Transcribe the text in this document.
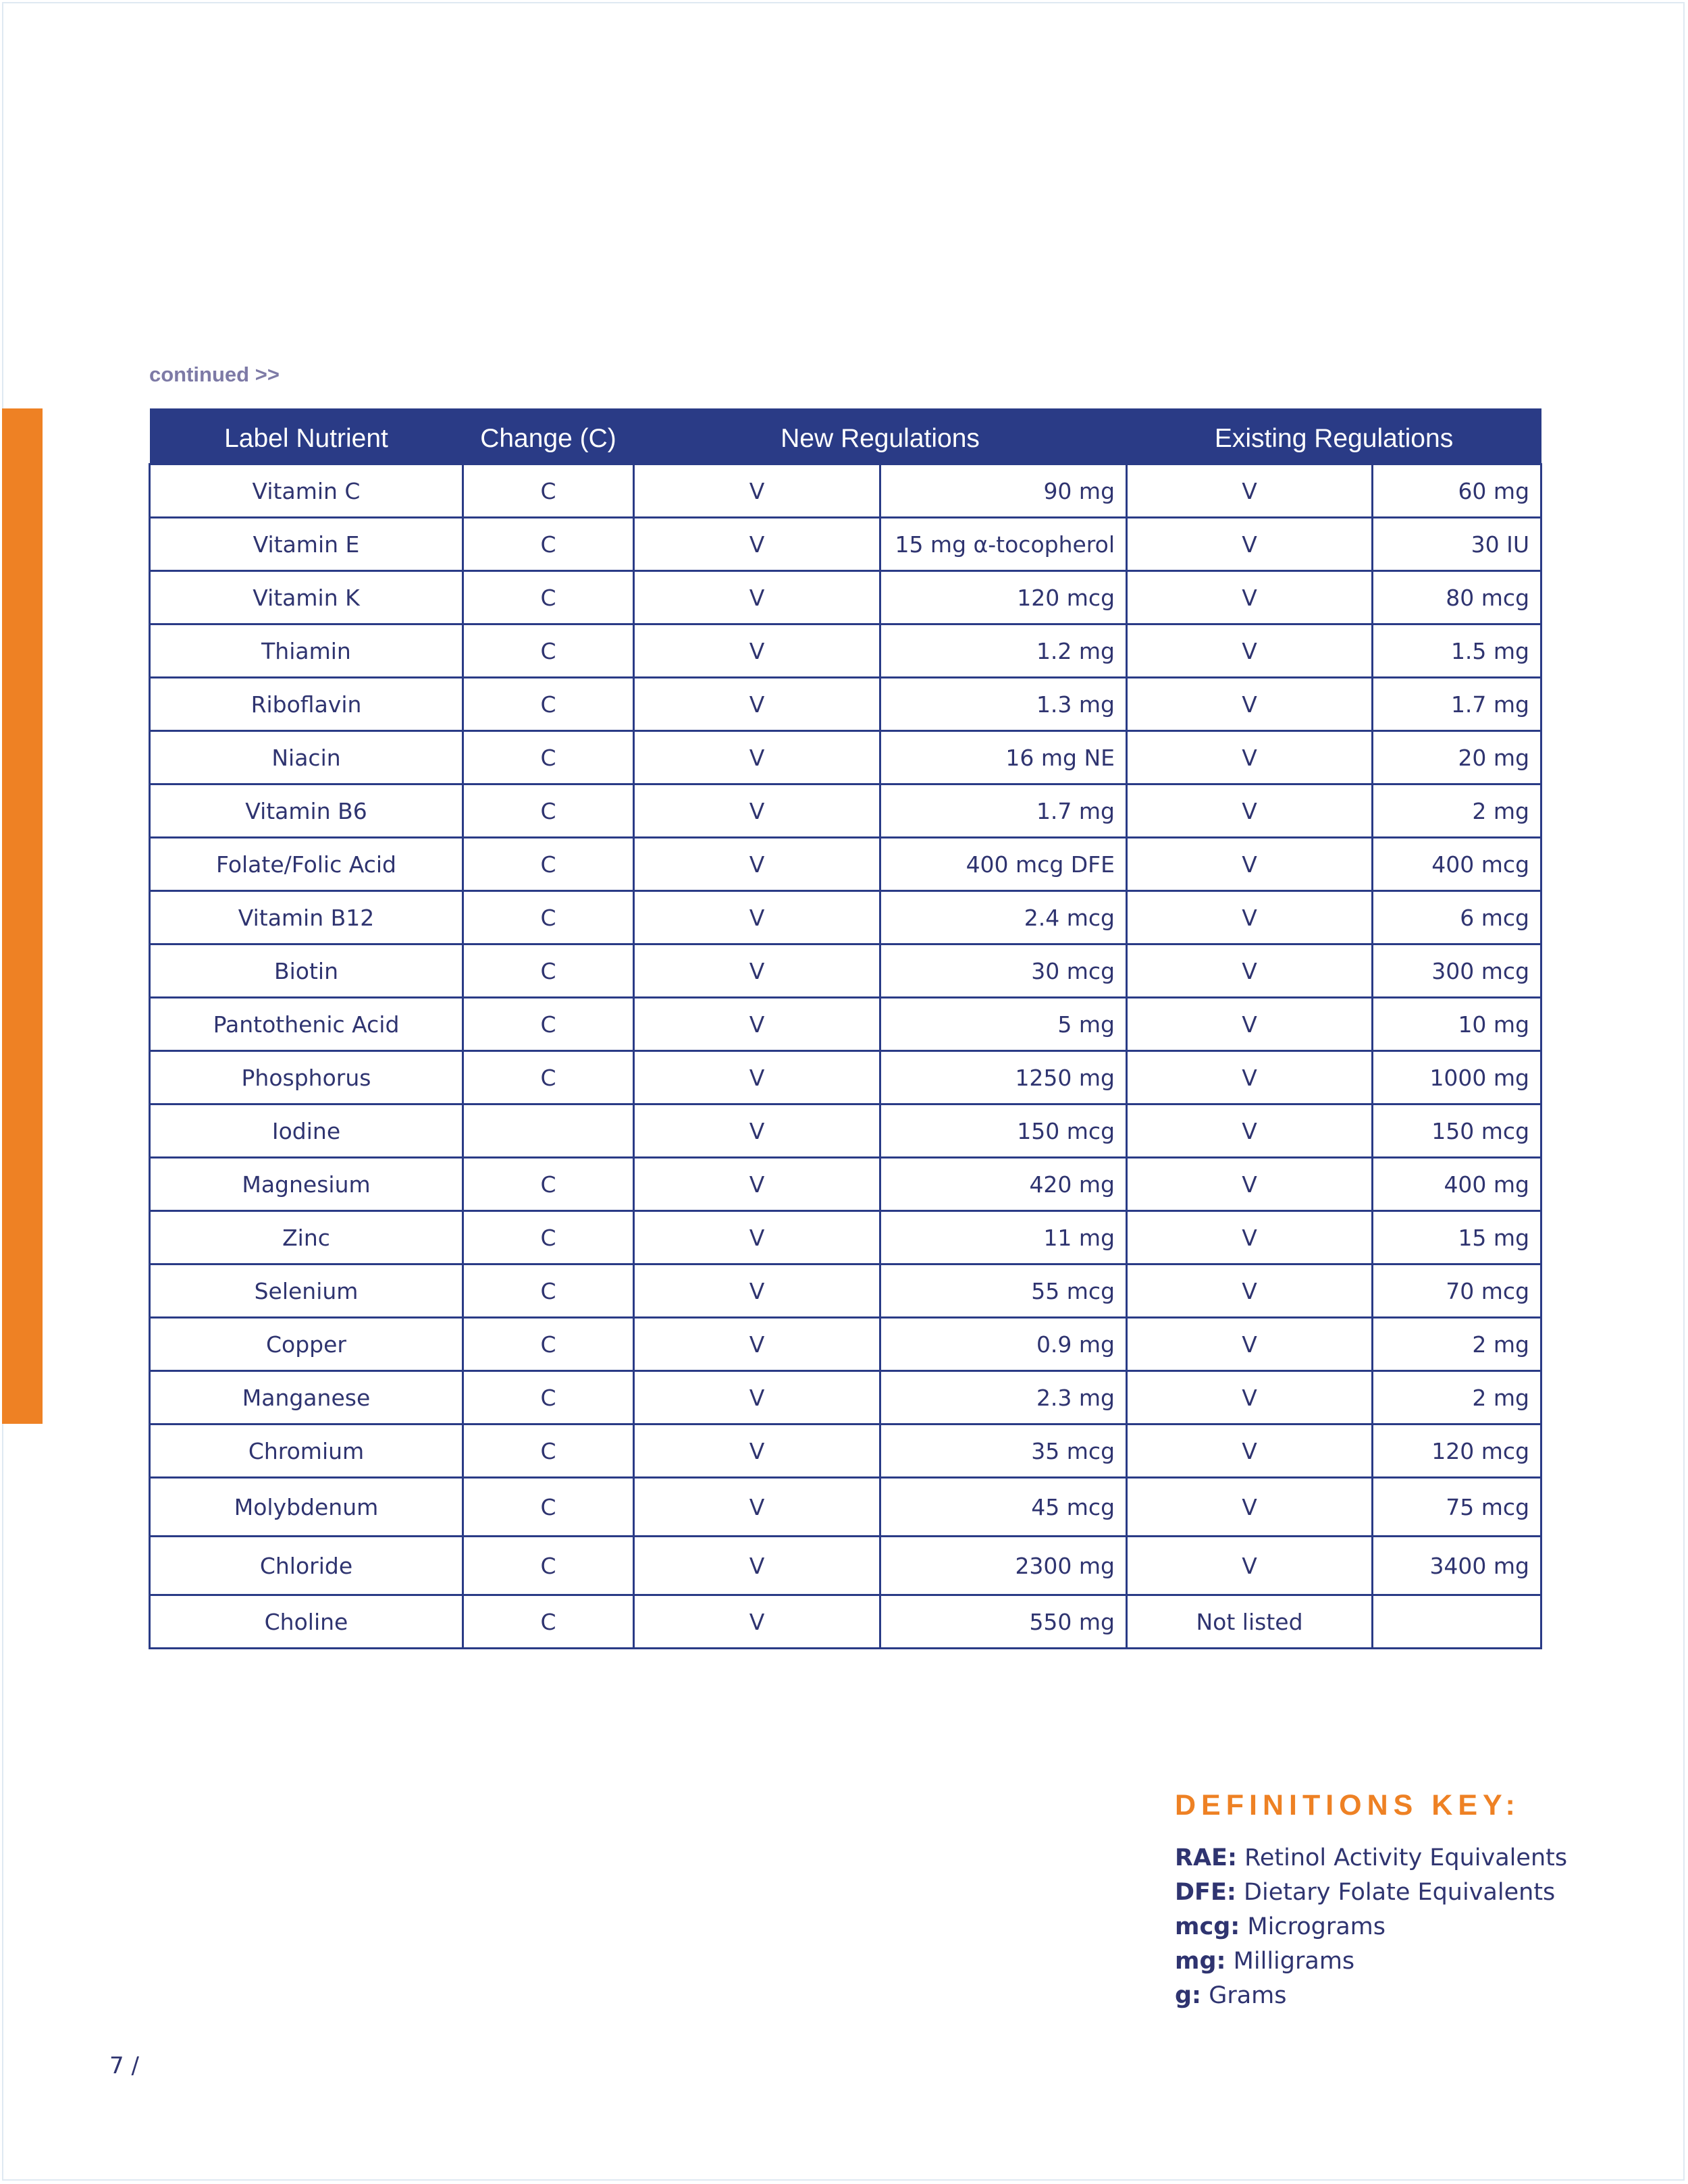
continued >>
Label Nutrient	Change (C)	New Regulations		Existing Regulations	
Vitamin C	C	V	90 mg	V	60 mg
Vitamin E	C	V	15 mg α-tocopherol	V	30 IU
Vitamin K	C	V	120 mcg	V	80 mcg
Thiamin	C	V	1.2 mg	V	1.5 mg
Riboflavin	C	V	1.3 mg	V	1.7 mg
Niacin	C	V	16 mg NE	V	20 mg
Vitamin B6	C	V	1.7 mg	V	2 mg
Folate/Folic Acid	C	V	400 mcg DFE	V	400 mcg
Vitamin B12	C	V	2.4 mcg	V	6 mcg
Biotin	C	V	30 mcg	V	300 mcg
Pantothenic Acid	C	V	5 mg	V	10 mg
Phosphorus	C	V	1250 mg	V	1000 mg
Iodine		V	150 mcg	V	150 mcg
Magnesium	C	V	420 mg	V	400 mg
Zinc	C	V	11 mg	V	15 mg
Selenium	C	V	55 mcg	V	70 mcg
Copper	C	V	0.9 mg	V	2 mg
Manganese	C	V	2.3 mg	V	2 mg
Chromium	C	V	35 mcg	V	120 mcg
Molybdenum	C	V	45 mcg	V	75 mcg
Chloride	C	V	2300 mg	V	3400 mg
Choline	C	V	550 mg	Not listed	
DEFINITIONS KEY:
RAE: Retinol Activity Equivalents
DFE: Dietary Folate Equivalents
mcg: Micrograms
mg: Milligrams
g: Grams
7 /
